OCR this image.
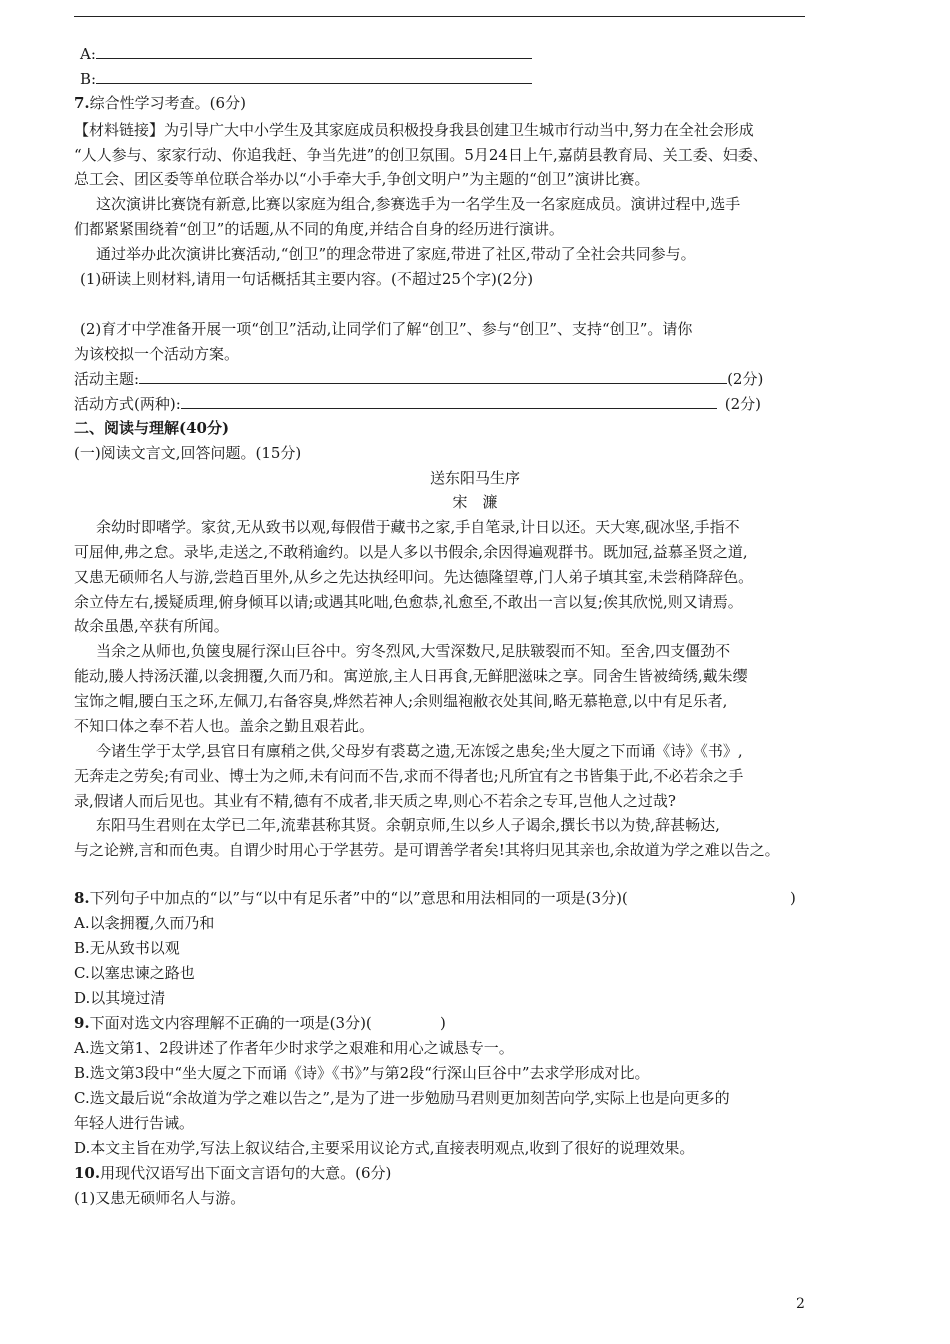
A:
B:
7.综合性学习考查。(6分)
【材料链接】为引导广大中小学生及其家庭成员积极投身我县创建卫生城市行动当中,努力在全社会形成
“人人参与、家家行动、你追我赶、争当先进”的创卫氛围。5月24日上午,嘉荫县教育局、关工委、妇委、
总工会、团区委等单位联合举办以“小手牵大手,争创文明户”为主题的“创卫”演讲比赛。
这次演讲比赛饶有新意,比赛以家庭为组合,参赛选手为一名学生及一名家庭成员。演讲过程中,选手
们都紧紧围绕着“创卫”的话题,从不同的角度,并结合自身的经历进行演讲。
通过举办此次演讲比赛活动,“创卫”的理念带进了家庭,带进了社区,带动了全社会共同参与。
(1)研读上则材料,请用一句话概括其主要内容。(不超过25个字)(2分)
(2)育才中学准备开展一项“创卫”活动,让同学们了解“创卫”、参与“创卫”、支持“创卫”。请你
为该校拟一个活动方案。
活动主题:	(2分)
活动方式(两种):	(2分)
二、阅读与理解(40分)
(一)阅读文言文,回答问题。(15分)
送东阳马生序
宋　濂
余幼时即嗜学。家贫,无从致书以观,每假借于藏书之家,手自笔录,计日以还。天大寒,砚冰坚,手指不
可屈伸,弗之怠。录毕,走送之,不敢稍逾约。以是人多以书假余,余因得遍观群书。既加冠,益慕圣贤之道,
又患无硕师名人与游,尝趋百里外,从乡之先达执经叩问。先达德隆望尊,门人弟子填其室,未尝稍降辞色。
余立侍左右,援疑质理,俯身倾耳以请;或遇其叱咄,色愈恭,礼愈至,不敢出一言以复;俟其欣悦,则又请焉。
故余虽愚,卒获有所闻。
当余之从师也,负箧曳屣行深山巨谷中。穷冬烈风,大雪深数尺,足肤皲裂而不知。至舍,四支僵劲不
能动,媵人持汤沃灌,以衾拥覆,久而乃和。寓逆旅,主人日再食,无鲜肥滋味之享。同舍生皆被绮绣,戴朱缨
宝饰之帽,腰白玉之环,左佩刀,右备容臭,烨然若神人;余则缊袍敝衣处其间,略无慕艳意,以中有足乐者,
不知口体之奉不若人也。盖余之勤且艰若此。
今诸生学于太学,县官日有廪稍之供,父母岁有裘葛之遗,无冻馁之患矣;坐大厦之下而诵《诗》《书》,
无奔走之劳矣;有司业、博士为之师,未有问而不告,求而不得者也;凡所宜有之书皆集于此,不必若余之手
录,假诸人而后见也。其业有不精,德有不成者,非天质之卑,则心不若余之专耳,岂他人之过哉?
东阳马生君则在太学已二年,流辈甚称其贤。余朝京师,生以乡人子谒余,撰长书以为贽,辞甚畅达,
与之论辨,言和而色夷。自谓少时用心于学甚劳。是可谓善学者矣!其将归见其亲也,余故道为学之难以告之。
8.下列句子中加点的“以”与“以中有足乐者”中的“以”意思和用法相同的一项是(3分)(	)
A.以衾拥覆,久而乃和
B.无从致书以观
C.以塞忠谏之路也
D.以其境过清
9.下面对选文内容理解不正确的一项是(3分)(	)
A.选文第1、2段讲述了作者年少时求学之艰难和用心之诚恳专一。
B.选文第3段中“坐大厦之下而诵《诗》《书》”与第2段“行深山巨谷中”去求学形成对比。
C.选文最后说“余故道为学之难以告之”,是为了进一步勉励马君则更加刻苦向学,实际上也是向更多的
年轻人进行告诫。
D.本文主旨在劝学,写法上叙议结合,主要采用议论方式,直接表明观点,收到了很好的说理效果。
10.用现代汉语写出下面文言语句的大意。(6分)
(1)又患无硕师名人与游。
2
